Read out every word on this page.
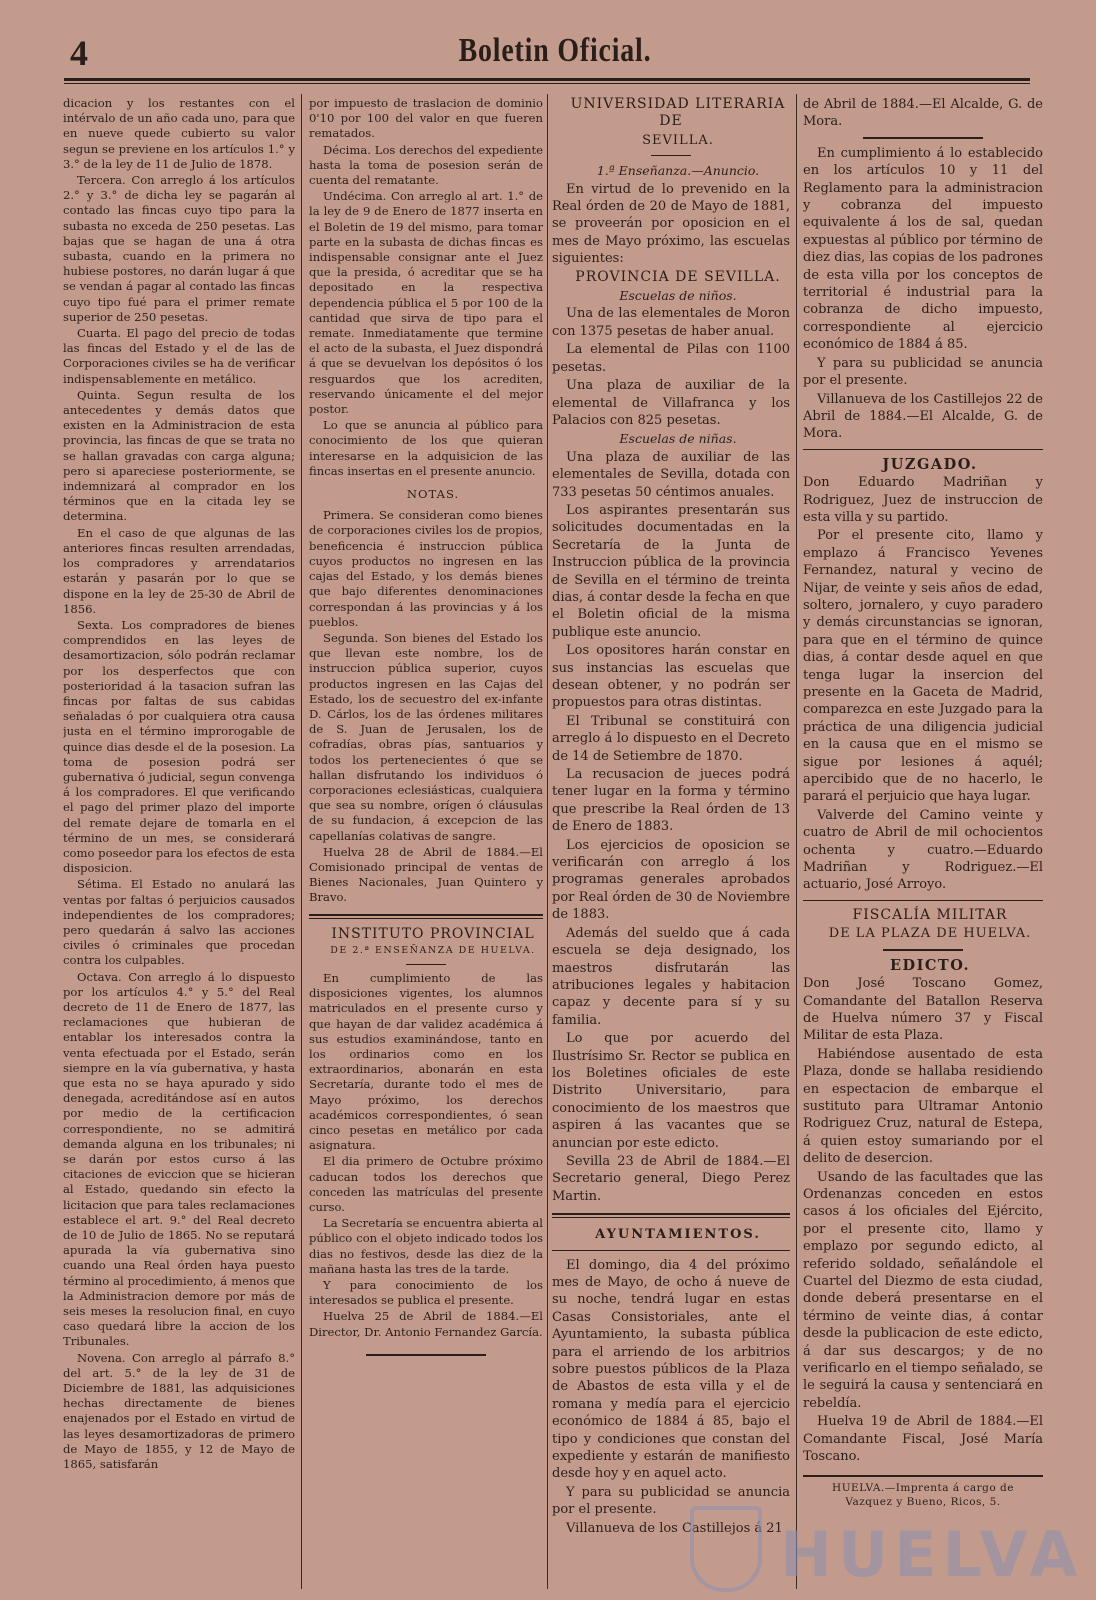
4	Boletin Oficial.

dicacion y los restantes con el intérvalo de un año cada uno, para que en nueve quede cubierto su valor segun se previene en los artículos 1.° y 3.° de la ley de 11 de Julio de 1878.

Tercera. Con arreglo á los artículos 2.° y 3.° de dicha ley se pagarán al contado las fincas cuyo tipo para la subasta no exceda de 250 pesetas. Las bajas que se hagan de una á otra subasta, cuando en la primera no hubiese postores, no darán lugar á que se vendan á pagar al contado las fincas cuyo tipo fué para el primer remate superior de 250 pesetas.

Cuarta. El pago del precio de todas las fincas del Estado y el de las de Corporaciones civiles se ha de verificar indispensablemente en metálico.

Quinta. Segun resulta de los antecedentes y demás datos que existen en la Administracion de esta provincia, las fincas de que se trata no se hallan gravadas con carga alguna; pero si apareciese posteriormente, se indemnizará al comprador en los términos que en la citada ley se determina.

En el caso de que algunas de las anteriores fincas resulten arrendadas, los compradores y arrendatarios estarán y pasarán por lo que se dispone en la ley de 25-30 de Abril de 1856.

Sexta. Los compradores de bienes comprendidos en las leyes de desamortizacion, sólo podrán reclamar por los desperfectos que con posterioridad á la tasacion sufran las fincas por faltas de sus cabidas señaladas ó por cualquiera otra causa justa en el término improrogable de quince dias desde el de la posesion. La toma de posesion podrá ser gubernativa ó judicial, segun convenga á los compradores. El que verificando el pago del primer plazo del importe del remate dejare de tomarla en el término de un mes, se considerará como poseedor para los efectos de esta disposicion.

Sétima. El Estado no anulará las ventas por faltas ó perjuicios causados independientes de los compradores; pero quedarán á salvo las acciones civiles ó criminales que procedan contra los culpables.

Octava. Con arreglo á lo dispuesto por los artículos 4.° y 5.° del Real decreto de 11 de Enero de 1877, las reclamaciones que hubieran de entablar los interesados contra la venta efectuada por el Estado, serán siempre en la vía gubernativa, y hasta que esta no se haya apurado y sido denegada, acreditándose así en autos por medio de la certificacion correspondiente, no se admitirá demanda alguna en los tribunales; ni se darán por estos curso á las citaciones de eviccion que se hicieran al Estado, quedando sin efecto la licitacion que para tales reclamaciones establece el art. 9.° del Real decreto de 10 de Julio de 1865. No se reputará apurada la vía gubernativa sino cuando una Real órden haya puesto término al procedimiento, á menos que la Administracion demore por más de seis meses la resolucion final, en cuyo caso quedará libre la accion de los Tribunales.

Novena. Con arreglo al párrafo 8.° del art. 5.° de la ley de 31 de Diciembre de 1881, las adquisiciones hechas directamente de bienes enajenados por el Estado en virtud de las leyes desamortizadoras de primero de Mayo de 1855, y 12 de Mayo de 1865, satisfarán

por impuesto de traslacion de dominio 0'10 por 100 del valor en que fueren rematados.

Décima. Los derechos del expediente hasta la toma de posesion serán de cuenta del rematante.

Undécima. Con arreglo al art. 1.° de la ley de 9 de Enero de 1877 inserta en el Boletin de 19 del mismo, para tomar parte en la subasta de dichas fincas es indispensable consignar ante el Juez que la presida, ó acreditar que se ha depositado en la respectiva dependencia pública el 5 por 100 de la cantidad que sirva de tipo para el remate. Inmediatamente que termine el acto de la subasta, el Juez dispondrá á que se devuelvan los depósitos ó los resguardos que los acrediten, reservando únicamente el del mejor postor.

Lo que se anuncia al público para conocimiento de los que quieran interesarse en la adquisicion de las fincas insertas en el presente anuncio.

NOTAS.

Primera. Se consideran como bienes de corporaciones civiles los de propios, beneficencia é instruccion pública cuyos productos no ingresen en las cajas del Estado, y los demás bienes que bajo diferentes denominaciones correspondan á las provincias y á los pueblos.

Segunda. Son bienes del Estado los que llevan este nombre, los de instruccion pública superior, cuyos productos ingresen en las Cajas del Estado, los de secuestro del ex-infante D. Cárlos, los de las órdenes militares de S. Juan de Jerusalen, los de cofradías, obras pías, santuarios y todos los pertenecientes ó que se hallan disfrutando los individuos ó corporaciones eclesiásticas, cualquiera que sea su nombre, orígen ó cláusulas de su fundacion, á excepcion de las capellanías colativas de sangre.

Huelva 28 de Abril de 1884.—El Comisionado principal de ventas de Bienes Nacionales, Juan Quintero y Bravo.

INSTITUTO PROVINCIAL

DE 2.ª ENSEÑANZA DE HUELVA.

En cumplimiento de las disposiciones vigentes, los alumnos matriculados en el presente curso y que hayan de dar validez académica á sus estudios examinándose, tanto en los ordinarios como en los extraordinarios, abonarán en esta Secretaría, durante todo el mes de Mayo próximo, los derechos académicos correspondientes, ó sean cinco pesetas en metálico por cada asignatura.

El dia primero de Octubre próximo caducan todos los derechos que conceden las matrículas del presente curso.

La Secretaría se encuentra abierta al público con el objeto indicado todos los dias no festivos, desde las diez de la mañana hasta las tres de la tarde.

Y para conocimiento de los interesados se publica el presente.

Huelva 25 de Abril de 1884.—El Director, Dr. Antonio Fernandez García.

UNIVERSIDAD LITERARIA DE

SEVILLA.

1.ª Enseñanza.—Anuncio.

En virtud de lo prevenido en la Real órden de 20 de Mayo de 1881, se proveerán por oposicion en el mes de Mayo próximo, las escuelas siguientes:

PROVINCIA DE SEVILLA.

Escuelas de niños.

Una de las elementales de Moron con 1375 pesetas de haber anual.

La elemental de Pilas con 1100 pesetas.

Una plaza de auxiliar de la elemental de Villafranca y los Palacios con 825 pesetas.

Escuelas de niñas.

Una plaza de auxiliar de las elementales de Sevilla, dotada con 733 pesetas 50 céntimos anuales.

Los aspirantes presentarán sus solicitudes documentadas en la Secretaría de la Junta de Instruccion pública de la provincia de Sevilla en el término de treinta dias, á contar desde la fecha en que el Boletin oficial de la misma publique este anuncio.

Los opositores harán constar en sus instancias las escuelas que desean obtener, y no podrán ser propuestos para otras distintas.

El Tribunal se constituirá con arreglo á lo dispuesto en el Decreto de 14 de Setiembre de 1870.

La recusacion de jueces podrá tener lugar en la forma y término que prescribe la Real órden de 13 de Enero de 1883.

Los ejercicios de oposicion se verificarán con arreglo á los programas generales aprobados por Real órden de 30 de Noviembre de 1883.

Además del sueldo que á cada escuela se deja designado, los maestros disfrutarán las atribuciones legales y habitacion capaz y decente para sí y su familia.

Lo que por acuerdo del Ilustrísimo Sr. Rector se publica en los Boletines oficiales de este Distrito Universitario, para conocimiento de los maestros que aspiren á las vacantes que se anuncian por este edicto.

Sevilla 23 de Abril de 1884.—El Secretario general, Diego Perez Martin.

AYUNTAMIENTOS.

El domingo, dia 4 del próximo mes de Mayo, de ocho á nueve de su noche, tendrá lugar en estas Casas Consistoriales, ante el Ayuntamiento, la subasta pública para el arriendo de los arbitrios sobre puestos públicos de la Plaza de Abastos de esta villa y el de romana y medía para el ejercicio económico de 1884 á 85, bajo el tipo y condiciones que constan del expediente y estarán de manifiesto desde hoy y en aquel acto.

Y para su publicidad se anuncia por el presente.

Villanueva de los Castillejos á 21

de Abril de 1884.—El Alcalde, G. de Mora.

En cumplimiento á lo establecido en los artículos 10 y 11 del Reglamento para la administracion y cobranza del impuesto equivalente á los de sal, quedan expuestas al público por término de diez dias, las copias de los padrones de esta villa por los conceptos de territorial é industrial para la cobranza de dicho impuesto, correspondiente al ejercicio económico de 1884 á 85.

Y para su publicidad se anuncia por el presente.

Villanueva de los Castillejos 22 de Abril de 1884.—El Alcalde, G. de Mora.

JUZGADO.

Don Eduardo Madriñan y Rodriguez, Juez de instruccion de esta villa y su partido.

Por el presente cito, llamo y emplazo á Francisco Yevenes Fernandez, natural y vecino de Nijar, de veinte y seis años de edad, soltero, jornalero, y cuyo paradero y demás circunstancias se ignoran, para que en el término de quince dias, á contar desde aquel en que tenga lugar la insercion del presente en la Gaceta de Madrid, comparezca en este Juzgado para la práctica de una diligencia judicial en la causa que en el mismo se sigue por lesiones á aquél; apercibido que de no hacerlo, le parará el perjuicio que haya lugar.

Valverde del Camino veinte y cuatro de Abril de mil ochocientos ochenta y cuatro.—Eduardo Madriñan y Rodriguez.—El actuario, José Arroyo.

FISCALÍA MILITAR

DE LA PLAZA DE HUELVA.

EDICTO.

Don José Toscano Gomez, Comandante del Batallon Reserva de Huelva número 37 y Fiscal Militar de esta Plaza.

Habiéndose ausentado de esta Plaza, donde se hallaba residiendo en espectacion de embarque el sustituto para Ultramar Antonio Rodriguez Cruz, natural de Estepa, á quien estoy sumariando por el delito de desercion.

Usando de las facultades que las Ordenanzas conceden en estos casos á los oficiales del Ejército, por el presente cito, llamo y emplazo por segundo edicto, al referido soldado, señalándole el Cuartel del Diezmo de esta ciudad, donde deberá presentarse en el término de veinte dias, á contar desde la publicacion de este edicto, á dar sus descargos; y de no verificarlo en el tiempo señalado, se le seguirá la causa y sentenciará en rebeldía.

Huelva 19 de Abril de 1884.—El Comandante Fiscal, José María Toscano.

HUELVA.—Imprenta á cargo de
Vazquez y Bueno, Ricos, 5.
HUELVA
